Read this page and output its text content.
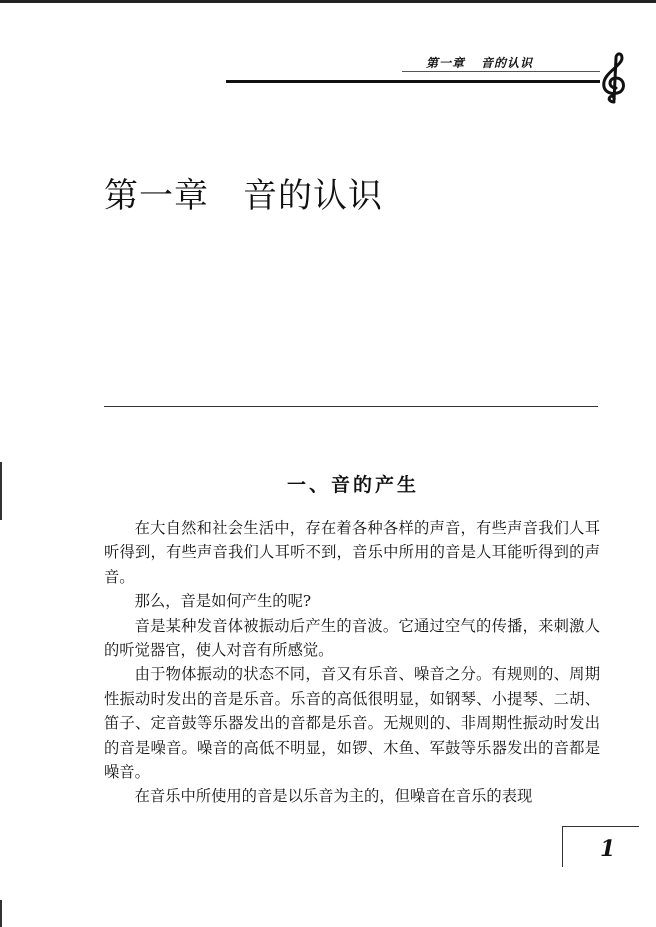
第一章 音的认识
第一章 音的认识
一、音的产生

在大自然和社会生活中，存在着各种各样的声音，有些声音我们人耳听得到，有些声音我们人耳听不到，音乐中所用的音是人耳能听得到的声音。

那么，音是如何产生的呢?

音是某种发音体被振动后产生的音波。它通过空气的传播，来刺激人的听觉器官，使人对音有所感觉。

由于物体振动的状态不同，音又有乐音、噪音之分。有规则的、周期性振动时发出的音是乐音。乐音的高低很明显，如钢琴、小提琴、二胡、笛子、定音鼓等乐器发出的音都是乐音。无规则的、非周期性振动时发出的音是噪音。噪音的高低不明显，如锣、木鱼、军鼓等乐器发出的音都是噪音。

在音乐中所使用的音是以乐音为主的，但噪音在音乐的表现

1
